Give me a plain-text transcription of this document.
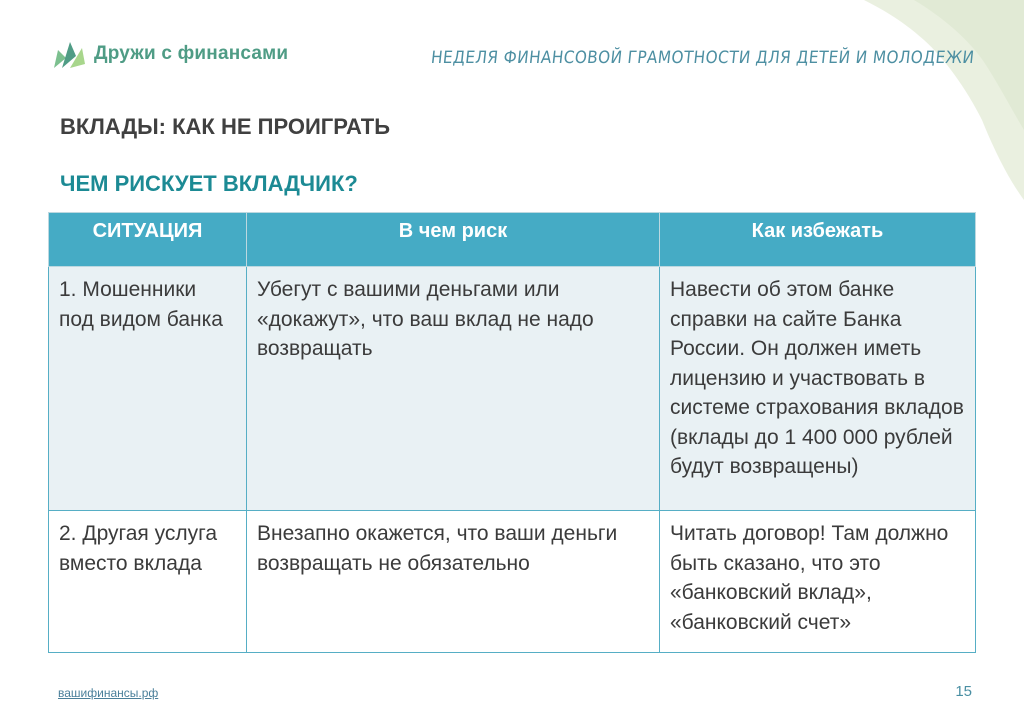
Дружи с финансами	НЕДЕЛЯ ФИНАНСОВОЙ ГРАМОТНОСТИ ДЛЯ ДЕТЕЙ И МОЛОДЕЖИ
ВКЛАДЫ: КАК НЕ ПРОИГРАТЬ
ЧЕМ РИСКУЕТ ВКЛАДЧИК?
СИТУАЦИЯ	В чем риск	Как избежать
1. Мошенники под видом банка	Убегут с вашими деньгами или «докажут», что ваш вклад не надо возвращать	Навести об этом банке справки на сайте Банка России. Он должен иметь лицензию и участвовать в системе страхования вкладов (вклады до 1 400 000 рублей будут возвращены)
2. Другая услуга вместо вклада	Внезапно окажется, что ваши деньги возвращать не обязательно	Читать договор! Там должно быть сказано, что это «банковский вклад», «банковский счет»
вашифинансы.рф	15
